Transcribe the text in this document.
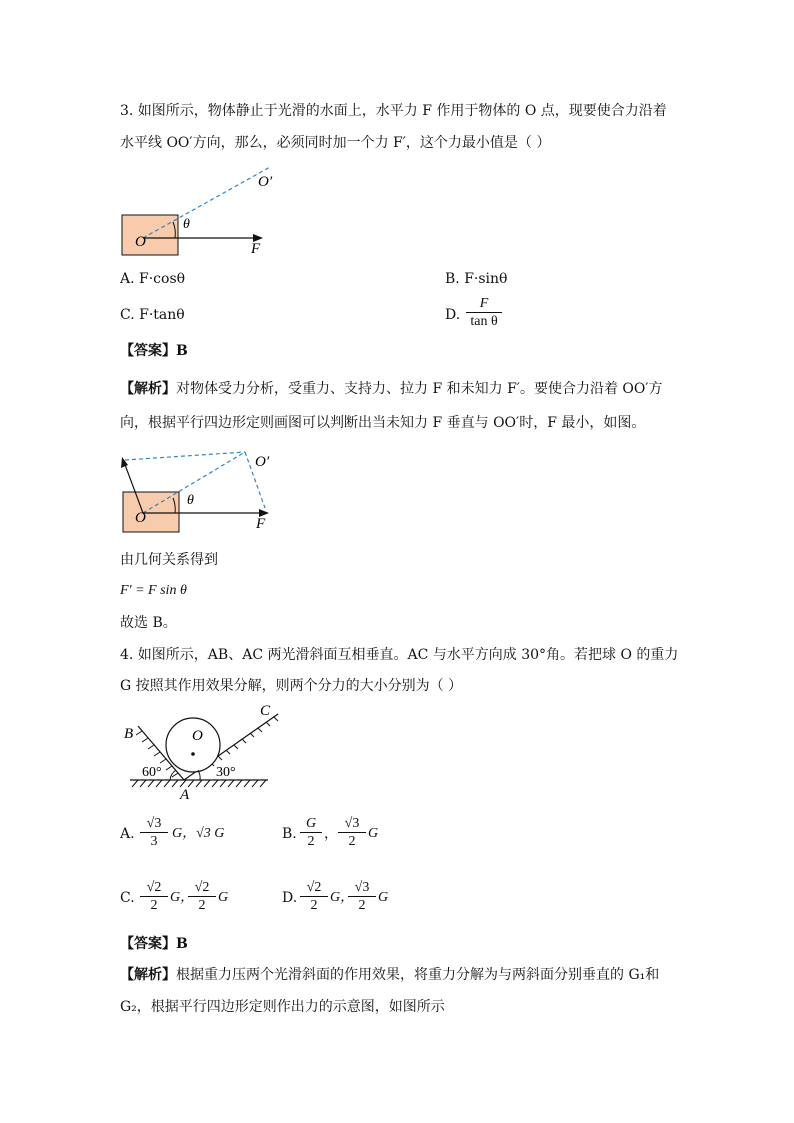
3. 如图所示，物体静止于光滑的水面上，水平力 F 作用于物体的 O 点，现要使合力沿着
水平线 OO′方向，那么，必须同时加一个力 F′，这个力最小值是（ ）
O
O′
θ
F
A. F·cosθ	B. F·sinθ
C. F·tanθ	D. $\frac{F}{\text{tan θ}}$
【答案】B
【解析】对物体受力分析，受重力、支持力、拉力 F 和未知力 F′。要使合力沿着 OO′方
向，根据平行四边形定则画图可以判断出当未知力 F 垂直与 OO′时，F 最小，如图。
O
O′
θ
F
由几何关系得到
F′ = F sin θ
故选 B。
4. 如图所示，AB、AC 两光滑斜面互相垂直。AC 与水平方向成 30°角。若把球 O 的重力
G 按照其作用效果分解，则两个分力的大小分别为（ ）
B
C
O
A
60°	30°
A. $\frac{√3}{3}$ G，√3 G	B. $\frac{G}{2}$ ， $\frac{√3}{2}$ G
C. $\frac{√2}{2}$ G，
$\frac{√2}{2}$ G	D. $\frac{√2}{2}$ G，
$\frac{√3}{2}$ G
【答案】B
【解析】根据重力压两个光滑斜面的作用效果，将重力分解为与两斜面分别垂直的 G₁和
G₂，根据平行四边形定则作出力的示意图，如图所示
